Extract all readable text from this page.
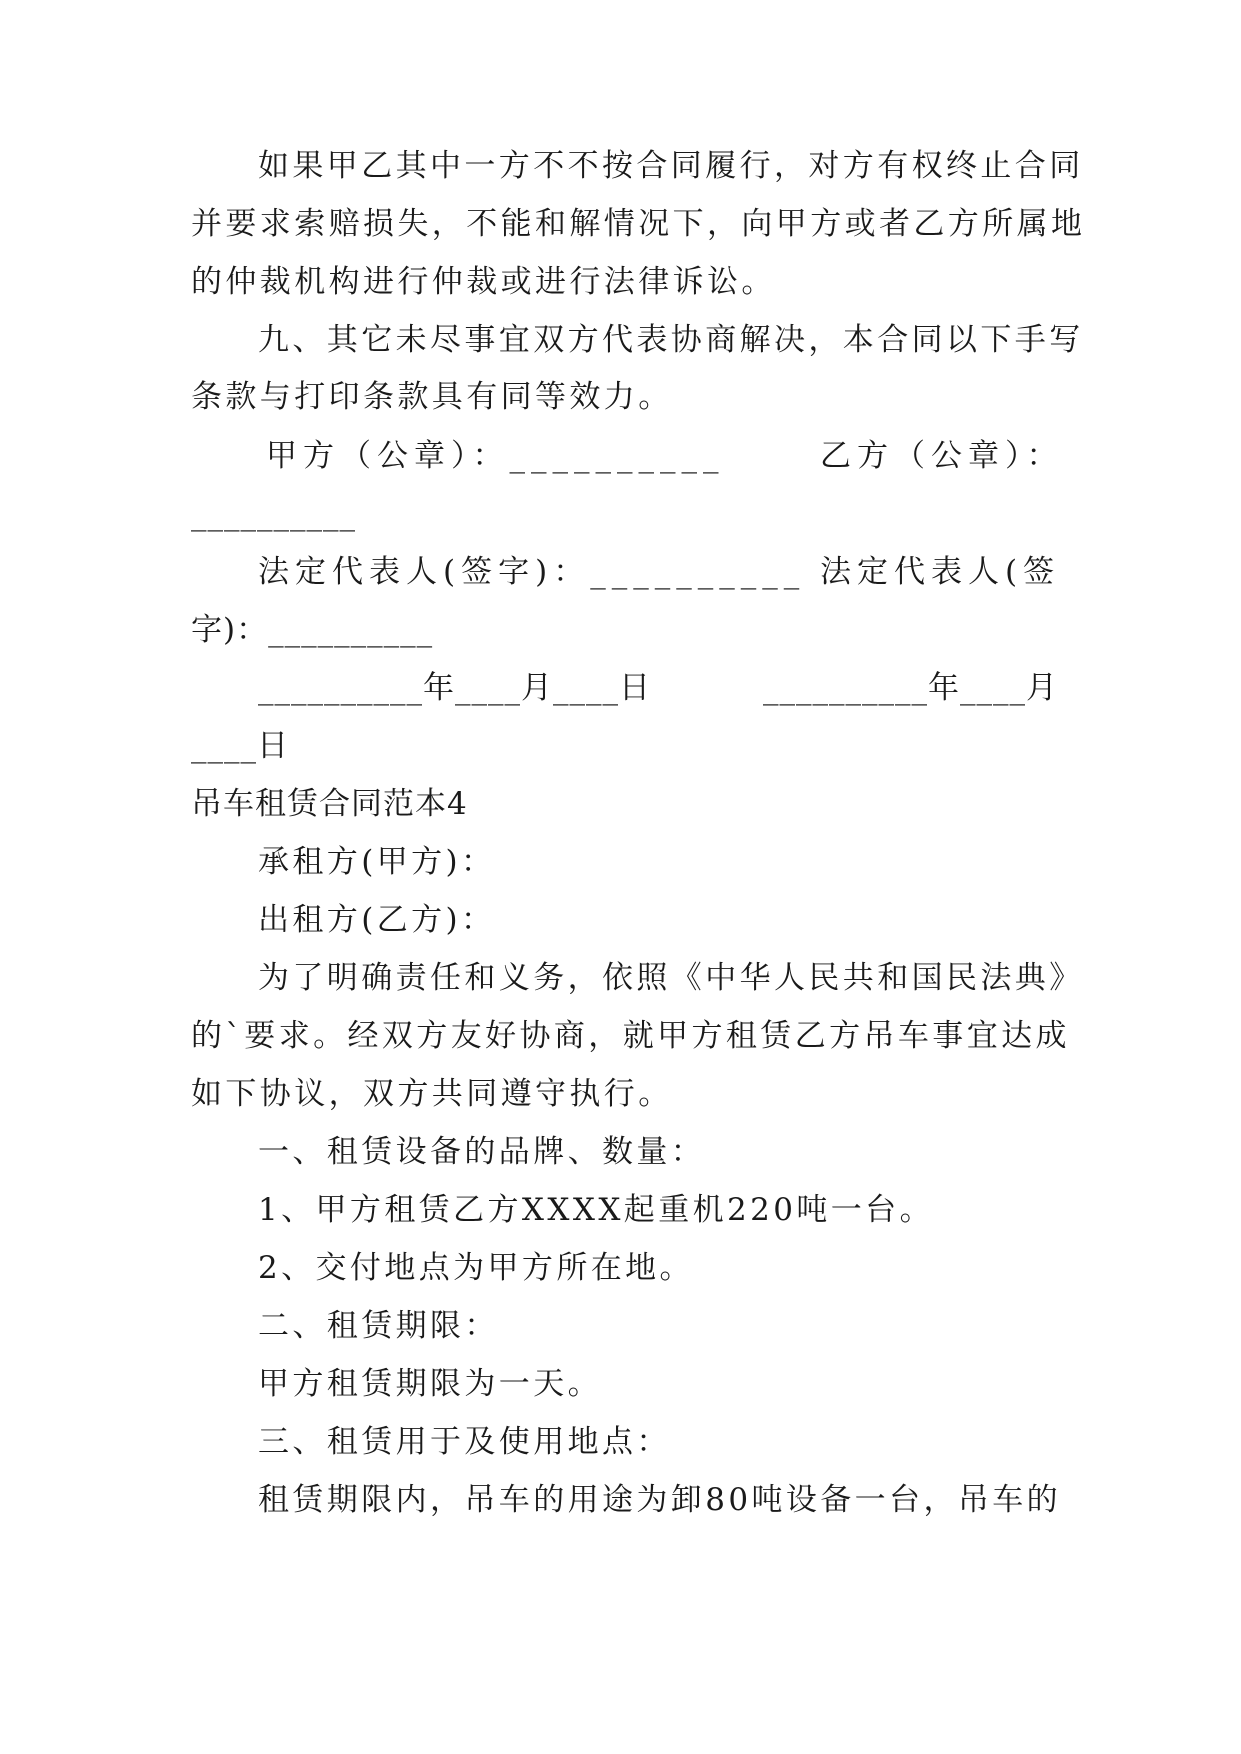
如果甲乙其中一方不不按合同履行，对方有权终止合同
并要求索赔损失，不能和解情况下，向甲方或者乙方所属地
的仲裁机构进行仲裁或进行法律诉讼。
九、其它未尽事宜双方代表协商解决，本合同以下手写
条款与打印条款具有同等效力。
甲方（公章）：__________	乙方（公章）：
__________
法定代表人(签字)：__________ 法定代表人(签
字)：__________
__________年____月____日	__________年____月
____日
吊车租赁合同范本4
承租方(甲方)：
出租方(乙方)：
为了明确责任和义务，依照《中华人民共和国民法典》
的`要求。经双方友好协商，就甲方租赁乙方吊车事宜达成
如下协议，双方共同遵守执行。
一、租赁设备的品牌、数量：
1、甲方租赁乙方XXXX起重机220吨一台。
2、交付地点为甲方所在地。
二、租赁期限：
甲方租赁期限为一天。
三、租赁用于及使用地点：
租赁期限内，吊车的用途为卸80吨设备一台，吊车的
